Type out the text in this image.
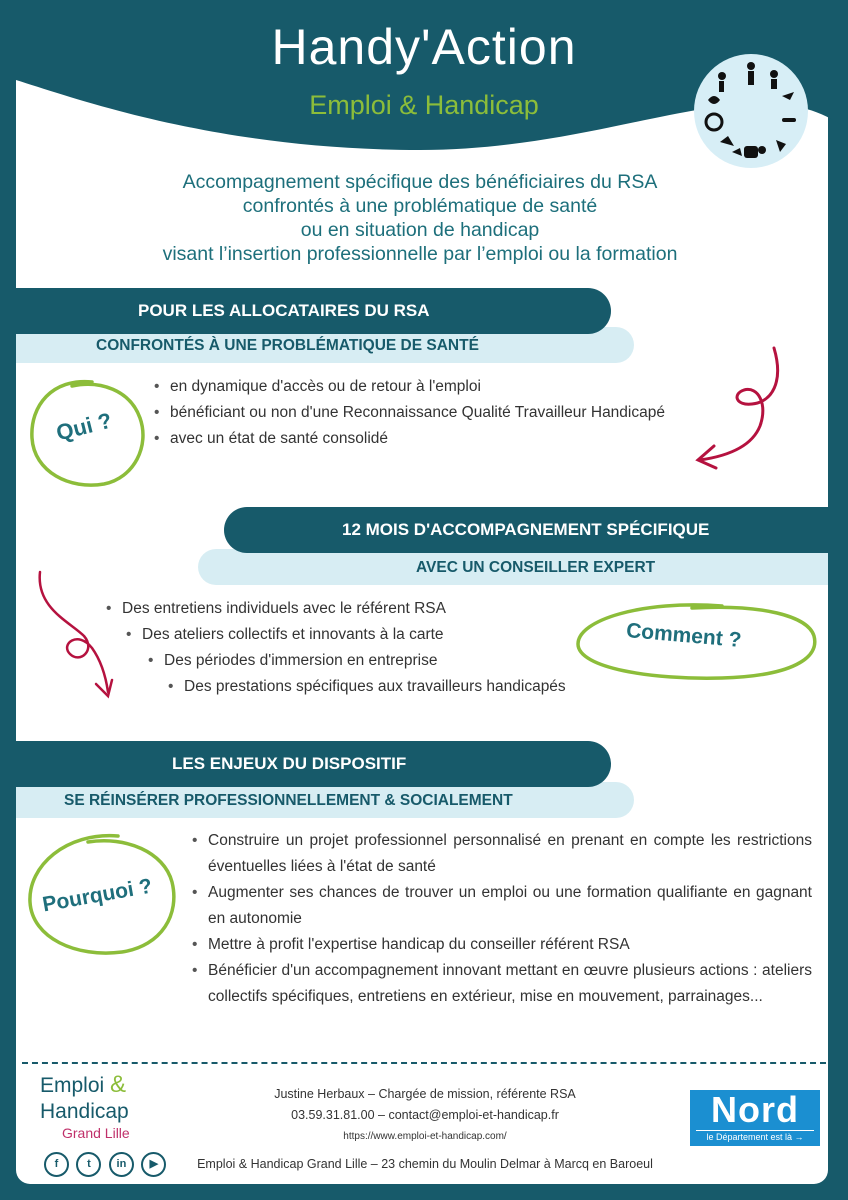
Handy'Action
Emploi & Handicap
Accompagnement spécifique des bénéficiaires du RSA
confrontés à une problématique de santé
ou en situation de handicap
visant l’insertion professionnelle par l’emploi ou la formation
CONFRONTÉS À UNE PROBLÉMATIQUE DE SANTÉ
POUR LES ALLOCATAIRES DU RSA
Qui ?
• en dynamique d'accès ou de retour à l'emploi
• bénéficiant ou non d'une Reconnaissance Qualité Travailleur Handicapé
• avec un état de santé consolidé
AVEC UN CONSEILLER EXPERT
12 MOIS D'ACCOMPAGNEMENT SPÉCIFIQUE
• Des entretiens individuels avec le référent RSA
• Des ateliers collectifs et innovants à la carte
• Des périodes d'immersion en entreprise
• Des prestations spécifiques aux travailleurs handicapés
Comment ?
SE RÉINSÉRER PROFESSIONNELLEMENT & SOCIALEMENT
LES ENJEUX DU DISPOSITIF
Pourquoi ?
• Construire un projet professionnel personnalisé en prenant en compte les restrictions éventuelles liées à l'état de santé
• Augmenter ses chances de trouver un emploi ou une formation qualifiante en gagnant en autonomie
• Mettre à profit l'expertise handicap du conseiller référent RSA
• Bénéficier d'un accompagnement innovant mettant en œuvre plusieurs actions : ateliers collectifs spécifiques, entretiens en extérieur, mise en mouvement, parrainages...
Emploi &
Handicap
Grand Lille
f	t in ▶
Justine Herbaux – Chargée de mission, référente RSA
03.59.31.81.00 – contact@emploi-et-handicap.fr
https://www.emploi-et-handicap.com/
Emploi & Handicap Grand Lille – 23 chemin du Moulin Delmar à Marcq en Baroeul
Nord
le Département est là →
